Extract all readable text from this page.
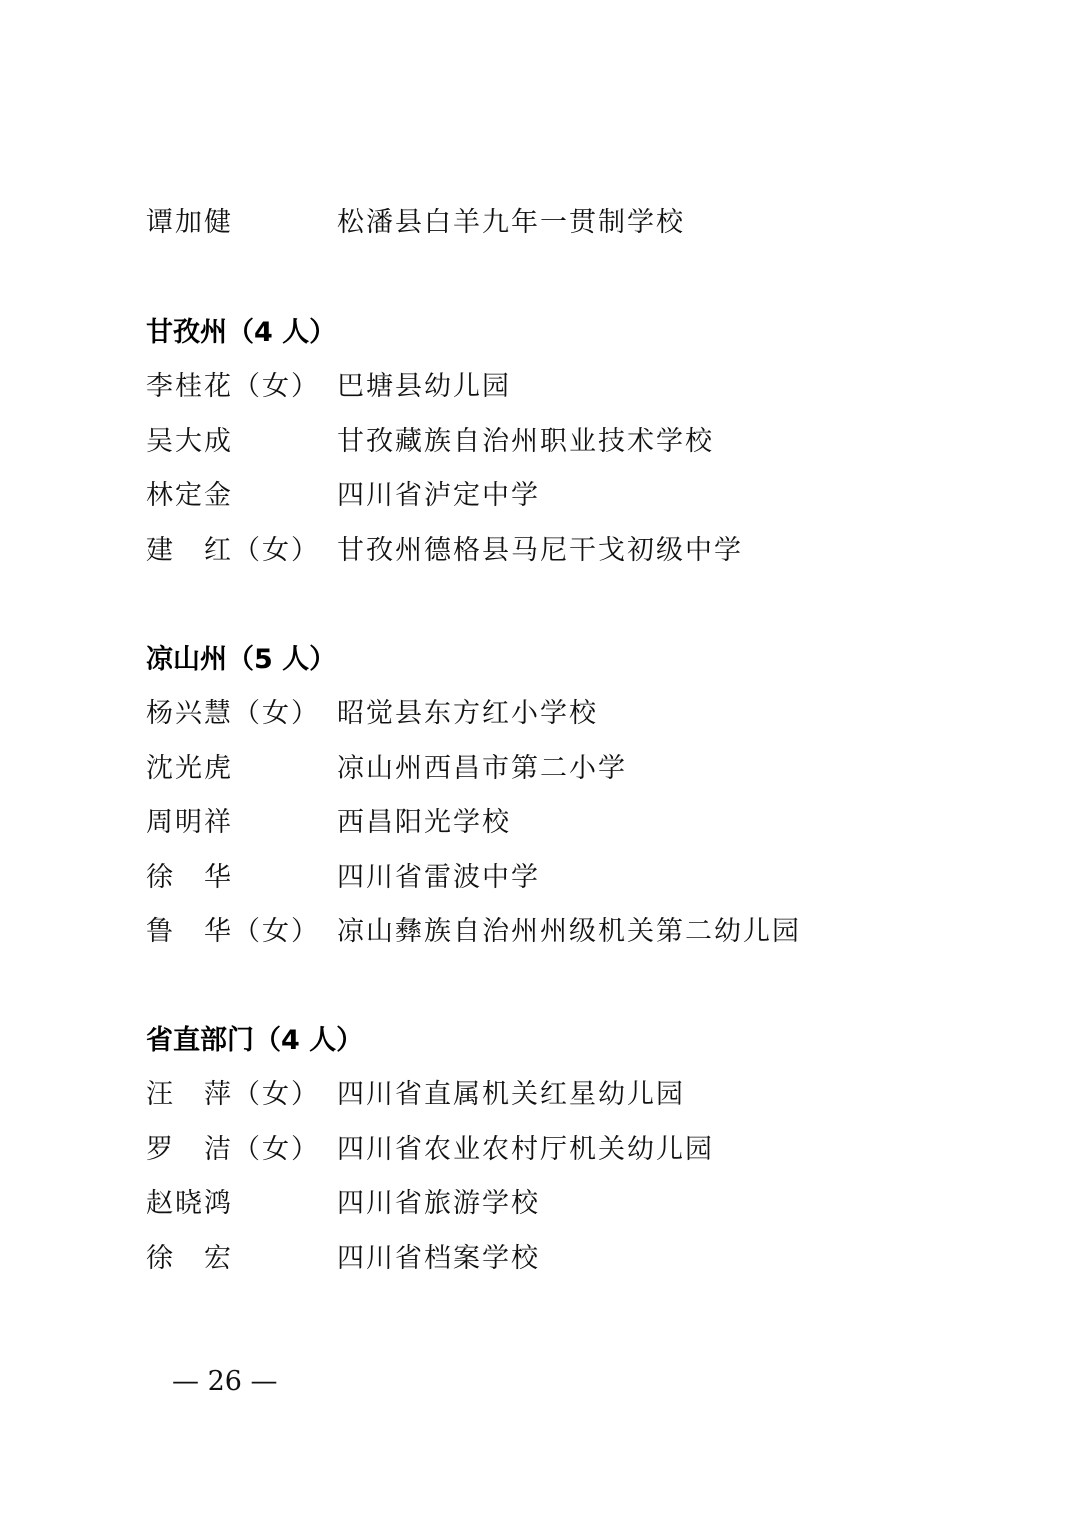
谭加健	松潘县白羊九年一贯制学校
甘孜州（4 人）
李桂花（女） 巴塘县幼儿园
吴大成	甘孜藏族自治州职业技术学校
林定金	四川省泸定中学
建　红（女） 甘孜州德格县马尼干戈初级中学
凉山州（5 人）
杨兴慧（女） 昭觉县东方红小学校
沈光虎	凉山州西昌市第二小学
周明祥	西昌阳光学校
徐　华	四川省雷波中学
鲁　华（女） 凉山彝族自治州州级机关第二幼儿园
省直部门（4 人）
汪　萍（女） 四川省直属机关红星幼儿园
罗　洁（女） 四川省农业农村厅机关幼儿园
赵晓鸿	四川省旅游学校
徐　宏	四川省档案学校
— 26 —
